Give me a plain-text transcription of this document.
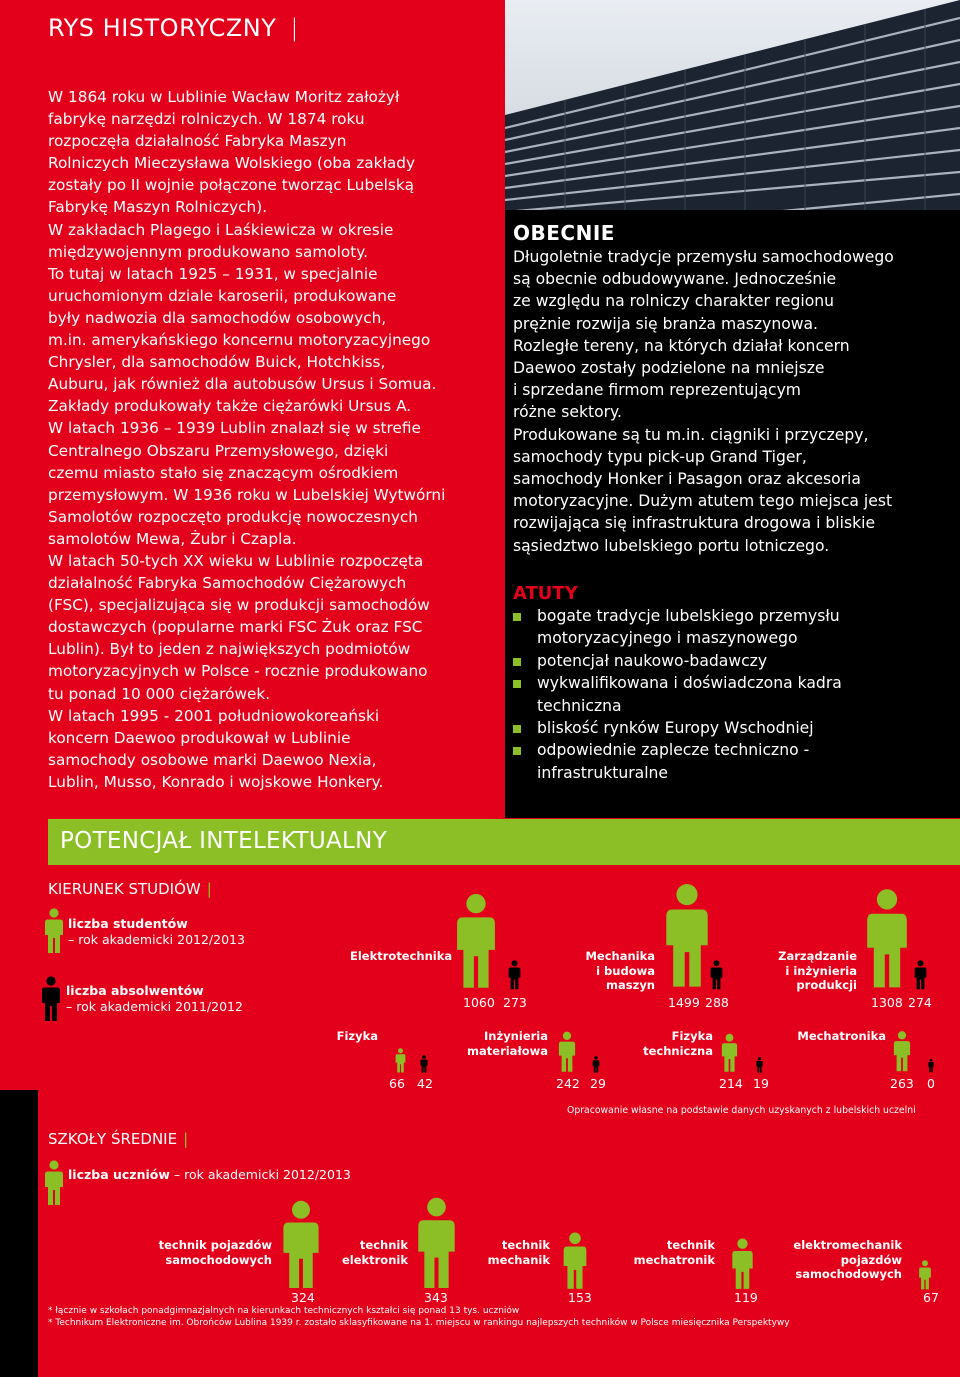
RYS HISTORYCZNY |

W 1864 roku w Lublinie Wacław Moritz założył

fabrykę narzędzi rolniczych. W 1874 roku

rozpoczęła działalność Fabryka Maszyn

Rolniczych Mieczysława Wolskiego (oba zakłady

zostały po II wojnie połączone tworząc Lubelską

Fabrykę Maszyn Rolniczych).

W zakładach Plagego i Laśkiewicza w okresie

międzywojennym produkowano samoloty.

To tutaj w latach 1925 – 1931, w specjalnie

uruchomionym dziale karoserii, produkowane

były nadwozia dla samochodów osobowych,

m.in. amerykańskiego koncernu motoryzacyjnego

Chrysler, dla samochodów Buick, Hotchkiss,

Auburu, jak również dla autobusów Ursus i Somua.

Zakłady produkowały także ciężarówki Ursus A.

W latach 1936 – 1939 Lublin znalazł się w strefie

Centralnego Obszaru Przemysłowego, dzięki

czemu miasto stało się znaczącym ośrodkiem

przemysłowym. W 1936 roku w Lubelskiej Wytwórni

Samolotów rozpoczęto produkcję nowoczesnych

samolotów Mewa, Żubr i Czapla.

W latach 50-tych XX wieku w Lublinie rozpoczęta

działalność Fabryka Samochodów Ciężarowych

(FSC), specjalizująca się w produkcji samochodów

dostawczych (popularne marki FSC Żuk oraz FSC

Lublin). Był to jeden z największych podmiotów

motoryzacyjnych w Polsce - rocznie produkowano

tu ponad 10 000 ciężarówek.

W latach 1995 - 2001 południowokoreański

koncern Daewoo produkował w Lublinie

samochody osobowe marki Daewoo Nexia,

Lublin, Musso, Konrado i wojskowe Honkery.

OBECNIE

Długoletnie tradycje przemysłu samochodowego

są obecnie odbudowywane. Jednocześnie

ze względu na rolniczy charakter regionu

prężnie rozwija się branża maszynowa.

Rozległe tereny, na których działał koncern

Daewoo zostały podzielone na mniejsze

i sprzedane firmom reprezentującym

różne sektory.

Produkowane są tu m.in. ciągniki i przyczepy,

samochody typu pick-up Grand Tiger,

samochody Honker i Pasagon oraz akcesoria

motoryzacyjne. Dużym atutem tego miejsca jest

rozwijająca się infrastruktura drogowa i bliskie

sąsiedztwo lubelskiego portu lotniczego.

ATUTY
bogate tradycje lubelskiego przemysłu
motoryzacyjnego i maszynowego
potencjał naukowo-badawczy
wykwalifikowana i doświadczona kadra
techniczna
bliskość rynków Europy Wschodniej
odpowiednie zaplecze techniczno -
infrastrukturalne
POTENCJAŁ INTELEKTUALNY
KIERUNEK STUDIÓW |
liczba studentów
– rok akademicki 2012/2013
liczba absolwentów
– rok akademicki 2011/2012
Elektrotechnika
1060 273
Mechanika
i budowa
maszyn
1499 288
Zarządzanie
i inżynieria
produkcji
1308 274
Fizyka
66 42
Inżynieria
materiałowa
242 29
Fizyka
techniczna
214 19
Mechatronika
263 0
Opracowanie własne na podstawie danych uzyskanych z lubelskich uczelni
SZKOŁY ŚREDNIE |
liczba uczniów – rok akademicki 2012/2013
technik pojazdów
samochodowych
324
technik
elektronik
343
technik
mechanik
153
technik
mechatronik
119
elektromechanik
pojazdów
samochodowych
67
* łącznie w szkołach ponadgimnazjalnych na kierunkach technicznych kształci się ponad 13 tys. uczniów
* Technikum Elektroniczne im. Obrońców Lublina 1939 r. zostało sklasyfikowane na 1. miejscu w rankingu najlepszych techników w Polsce miesięcznika Perspektywy
